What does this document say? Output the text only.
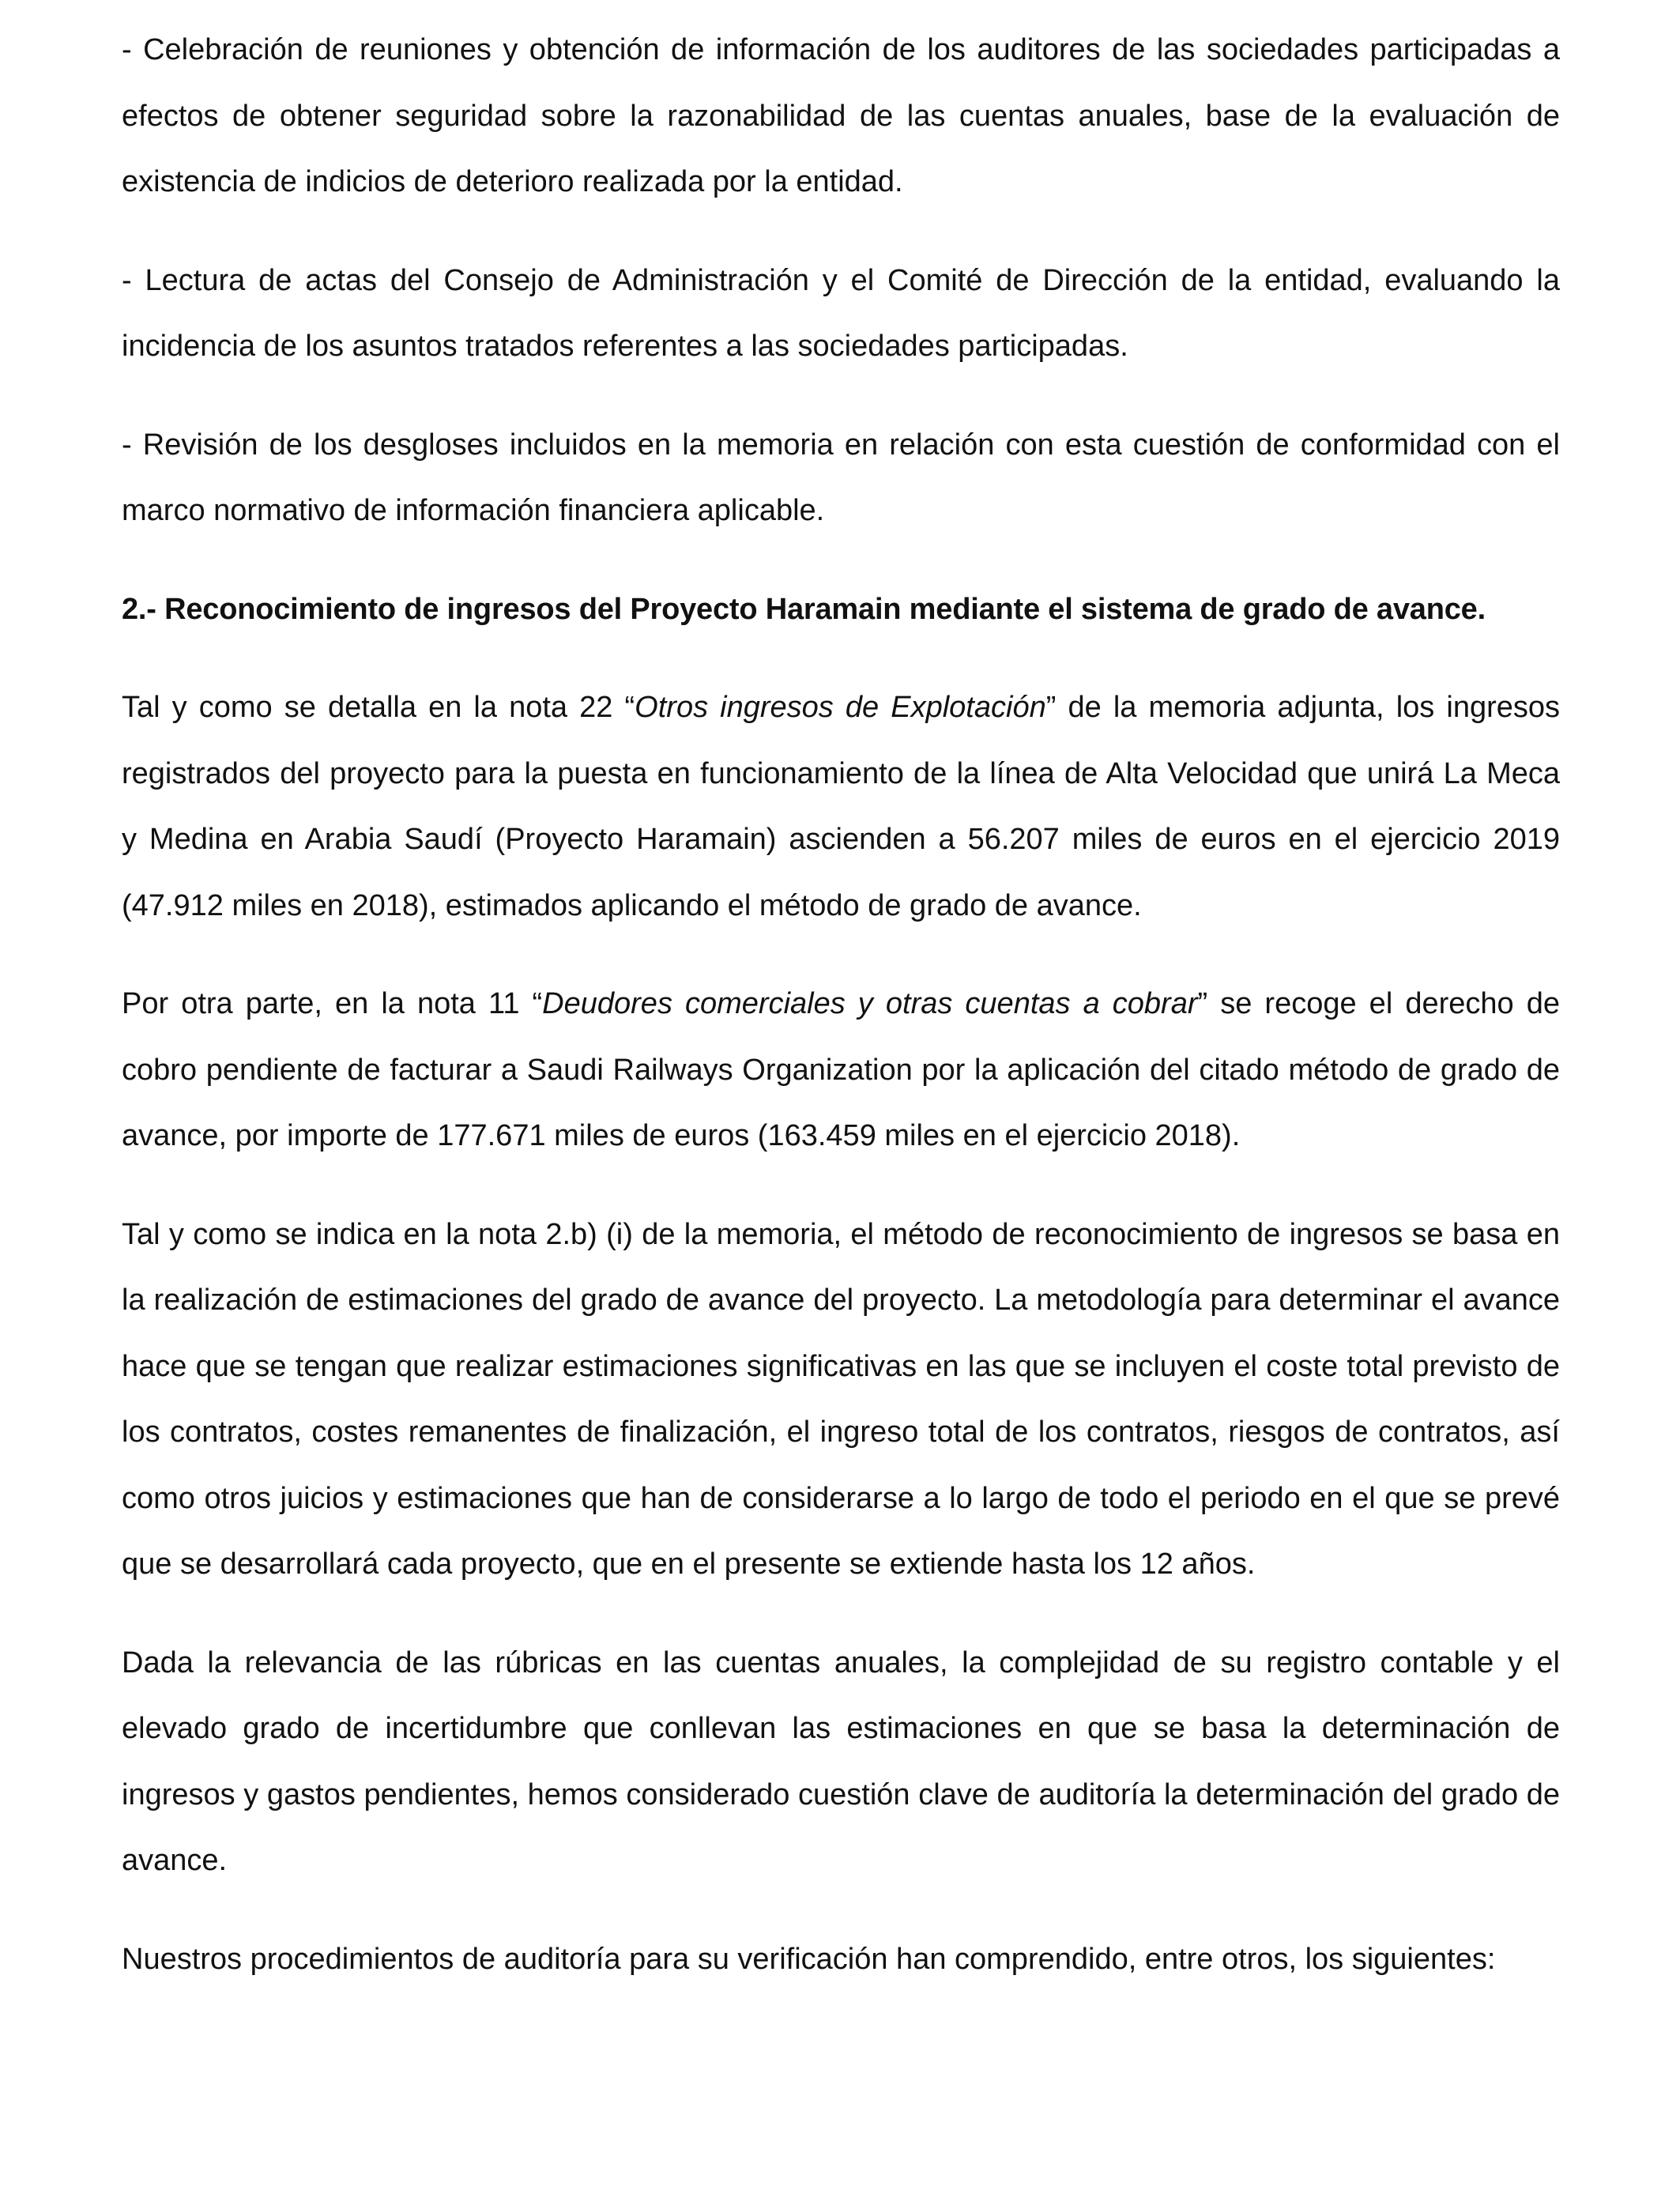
- Celebración de reuniones y obtención de información de los auditores de las sociedades participadas a efectos de obtener seguridad sobre la razonabilidad de las cuentas anuales, base de la evaluación de existencia de indicios de deterioro realizada por la entidad.

- Lectura de actas del Consejo de Administración y el Comité de Dirección de la entidad, evaluando la incidencia de los asuntos tratados referentes a las sociedades participadas.

- Revisión de los desgloses incluidos en la memoria en relación con esta cuestión de conformidad con el marco normativo de información financiera aplicable.

2.- Reconocimiento de ingresos del Proyecto Haramain mediante el sistema de grado de avance.

Tal y como se detalla en la nota 22 “Otros ingresos de Explotación” de la memoria adjunta, los ingresos registrados del proyecto para la puesta en funcionamiento de la línea de Alta Velocidad que unirá La Meca y Medina en Arabia Saudí (Proyecto Haramain) ascienden a 56.207 miles de euros en el ejercicio 2019 (47.912 miles en 2018), estimados aplicando el método de grado de avance.

Por otra parte, en la nota 11 “Deudores comerciales y otras cuentas a cobrar” se recoge el derecho de cobro pendiente de facturar a Saudi Railways Organization por la aplicación del citado método de grado de avance, por importe de 177.671 miles de euros (163.459 miles en el ejercicio 2018).

Tal y como se indica en la nota 2.b) (i) de la memoria, el método de reconocimiento de ingresos se basa en la realización de estimaciones del grado de avance del proyecto. La metodología para determinar el avance hace que se tengan que realizar estimaciones significativas en las que se incluyen el coste total previsto de los contratos, costes remanentes de finalización, el ingreso total de los contratos, riesgos de contratos, así como otros juicios y estimaciones que han de considerarse a lo largo de todo el periodo en el que se prevé que se desarrollará cada proyecto, que en el presente se extiende hasta los 12 años.

Dada la relevancia de las rúbricas en las cuentas anuales, la complejidad de su registro contable y el elevado grado de incertidumbre que conllevan las estimaciones en que se basa la determinación de ingresos y gastos pendientes, hemos considerado cuestión clave de auditoría la determinación del grado de avance.

Nuestros procedimientos de auditoría para su verificación han comprendido, entre otros, los siguientes:
